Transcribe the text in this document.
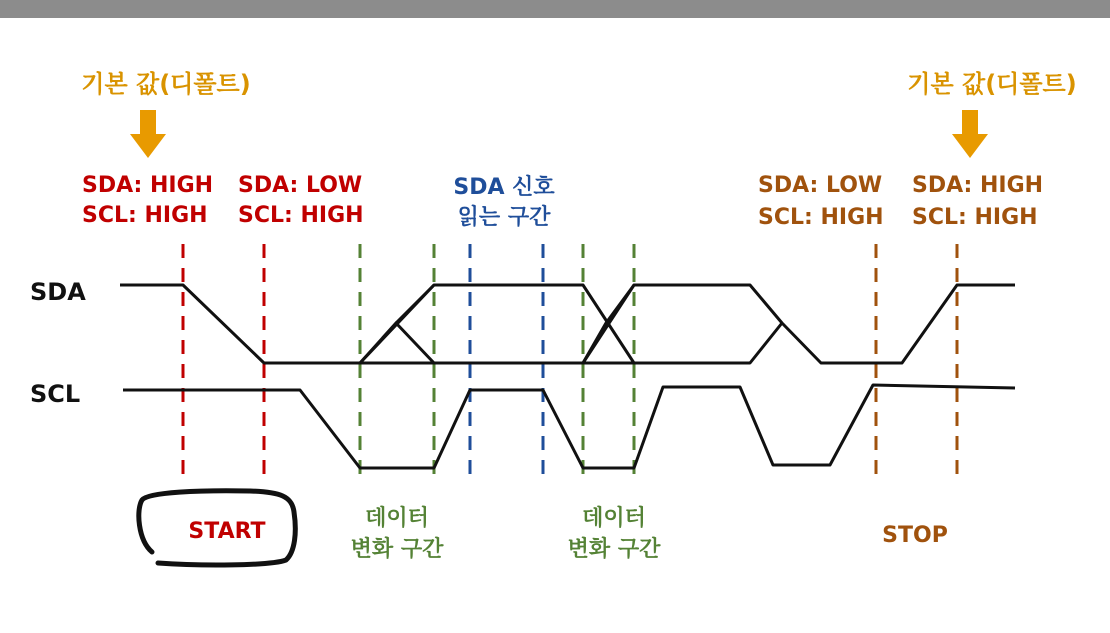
기본 값(디폴트)	기본 값(디폴트)
SDA: HIGH
SCL: HIGH
SDA: LOW
SCL: HIGH
SDA 신호
읽는 구간
SDA: LOW
SCL: HIGH
SDA: HIGH
SCL: HIGH
SDA
SCL
START
데이터
변화 구간
데이터
변화 구간
STOP
